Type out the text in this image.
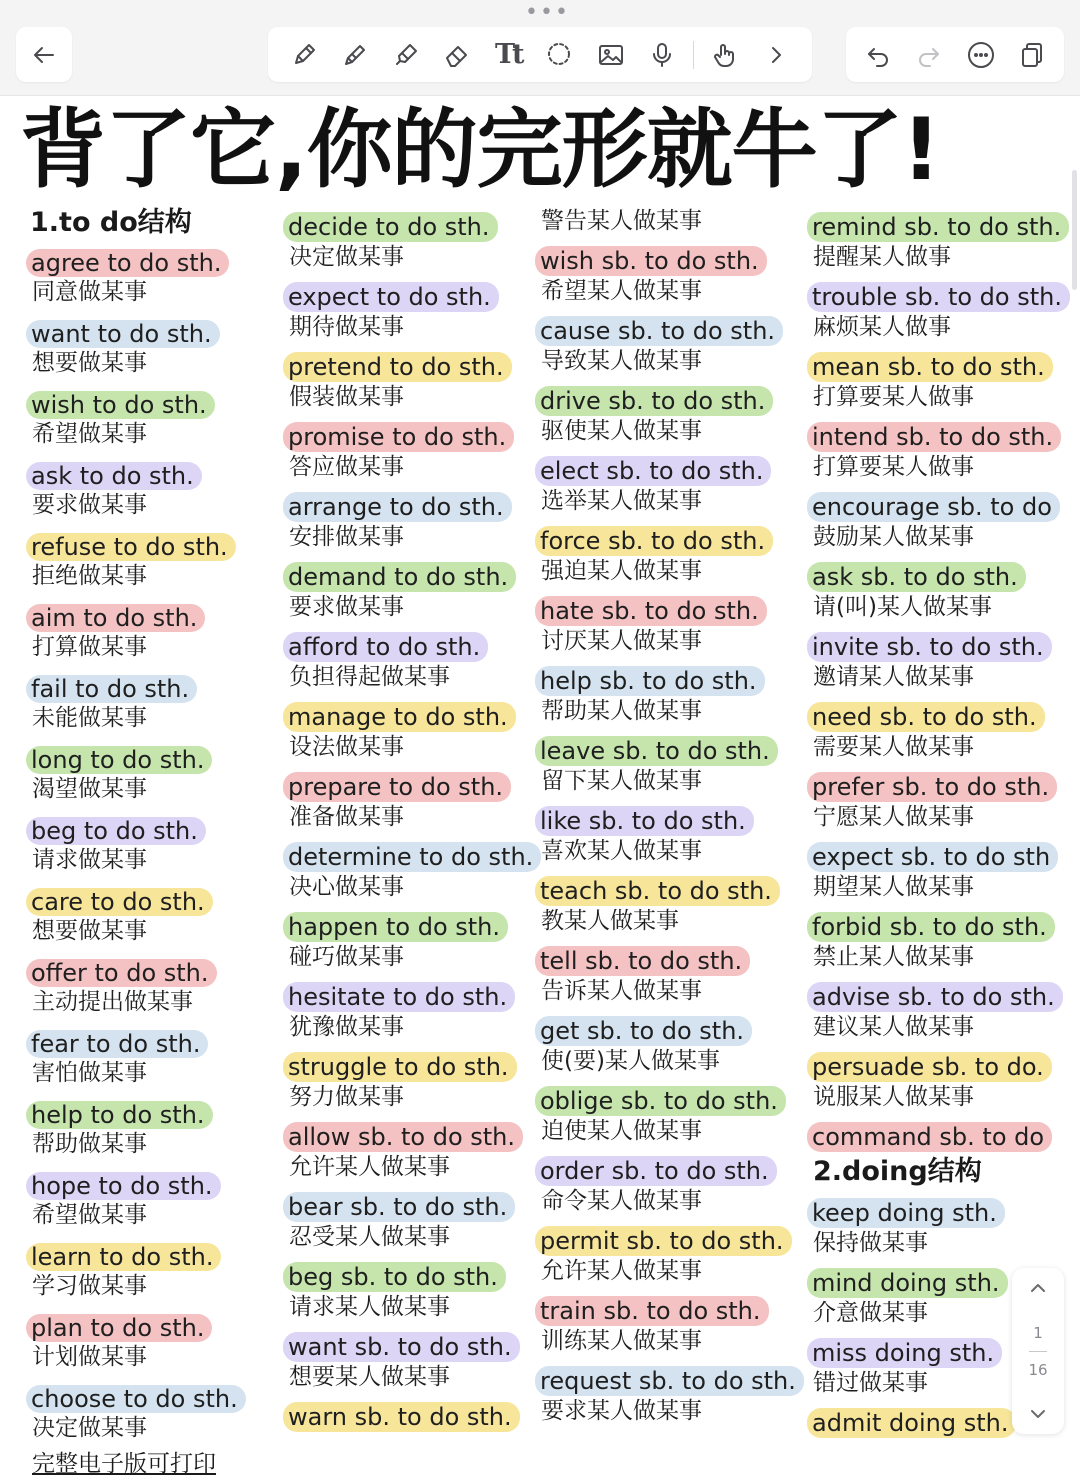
•••
Tt
背了它,你的完形就牛了!
1.to do结构
agree to do sth.
同意做某事
want to do sth.
想要做某事
wish to do sth.
希望做某事
ask to do sth.
要求做某事
refuse to do sth.
拒绝做某事
aim to do sth.
打算做某事
fail to do sth.
未能做某事
long to do sth.
渴望做某事
beg to do sth.
请求做某事
care to do sth.
想要做某事
offer to do sth.
主动提出做某事
fear to do sth.
害怕做某事
help to do sth.
帮助做某事
hope to do sth.
希望做某事
learn to do sth.
学习做某事
plan to do sth.
计划做某事
choose to do sth.
决定做某事
完整电子版可打印
decide to do sth.
决定做某事
expect to do sth.
期待做某事
pretend to do sth.
假装做某事
promise to do sth.
答应做某事
arrange to do sth.
安排做某事
demand to do sth.
要求做某事
afford to do sth.
负担得起做某事
manage to do sth.
设法做某事
prepare to do sth.
准备做某事
determine to do sth.
决心做某事
happen to do sth.
碰巧做某事
hesitate to do sth.
犹豫做某事
struggle to do sth.
努力做某事
allow sb. to do sth.
允许某人做某事
bear sb. to do sth.
忍受某人做某事
beg sb. to do sth.
请求某人做某事
want sb. to do sth.
想要某人做某事
warn sb. to do sth.
警告某人做某事
wish sb. to do sth.
希望某人做某事
cause sb. to do sth.
导致某人做某事
drive sb. to do sth.
驱使某人做某事
elect sb. to do sth.
选举某人做某事
force sb. to do sth.
强迫某人做某事
hate sb. to do sth.
讨厌某人做某事
help sb. to do sth.
帮助某人做某事
leave sb. to do sth.
留下某人做某事
like sb. to do sth.
喜欢某人做某事
teach sb. to do sth.
教某人做某事
tell sb. to do sth.
告诉某人做某事
get sb. to do sth.
使(要)某人做某事
oblige sb. to do sth.
迫使某人做某事
order sb. to do sth.
命令某人做某事
permit sb. to do sth.
允许某人做某事
train sb. to do sth.
训练某人做某事
request sb. to do sth.
要求某人做某事
remind sb. to do sth.
提醒某人做事
trouble sb. to do sth.
麻烦某人做事
mean sb. to do sth.
打算要某人做事
intend sb. to do sth.
打算要某人做事
encourage sb. to do
鼓励某人做某事
ask sb. to do sth.
请(叫)某人做某事
invite sb. to do sth.
邀请某人做某事
need sb. to do sth.
需要某人做某事
prefer sb. to do sth.
宁愿某人做某事
expect sb. to do sth
期望某人做某事
forbid sb. to do sth.
禁止某人做某事
advise sb. to do sth.
建议某人做某事
persuade sb. to do.
说服某人做某事
command sb. to do
2.doing结构
keep doing sth.
保持做某事
mind doing sth.
介意做某事
miss doing sth.
错过做某事
admit doing sth.
1
16
